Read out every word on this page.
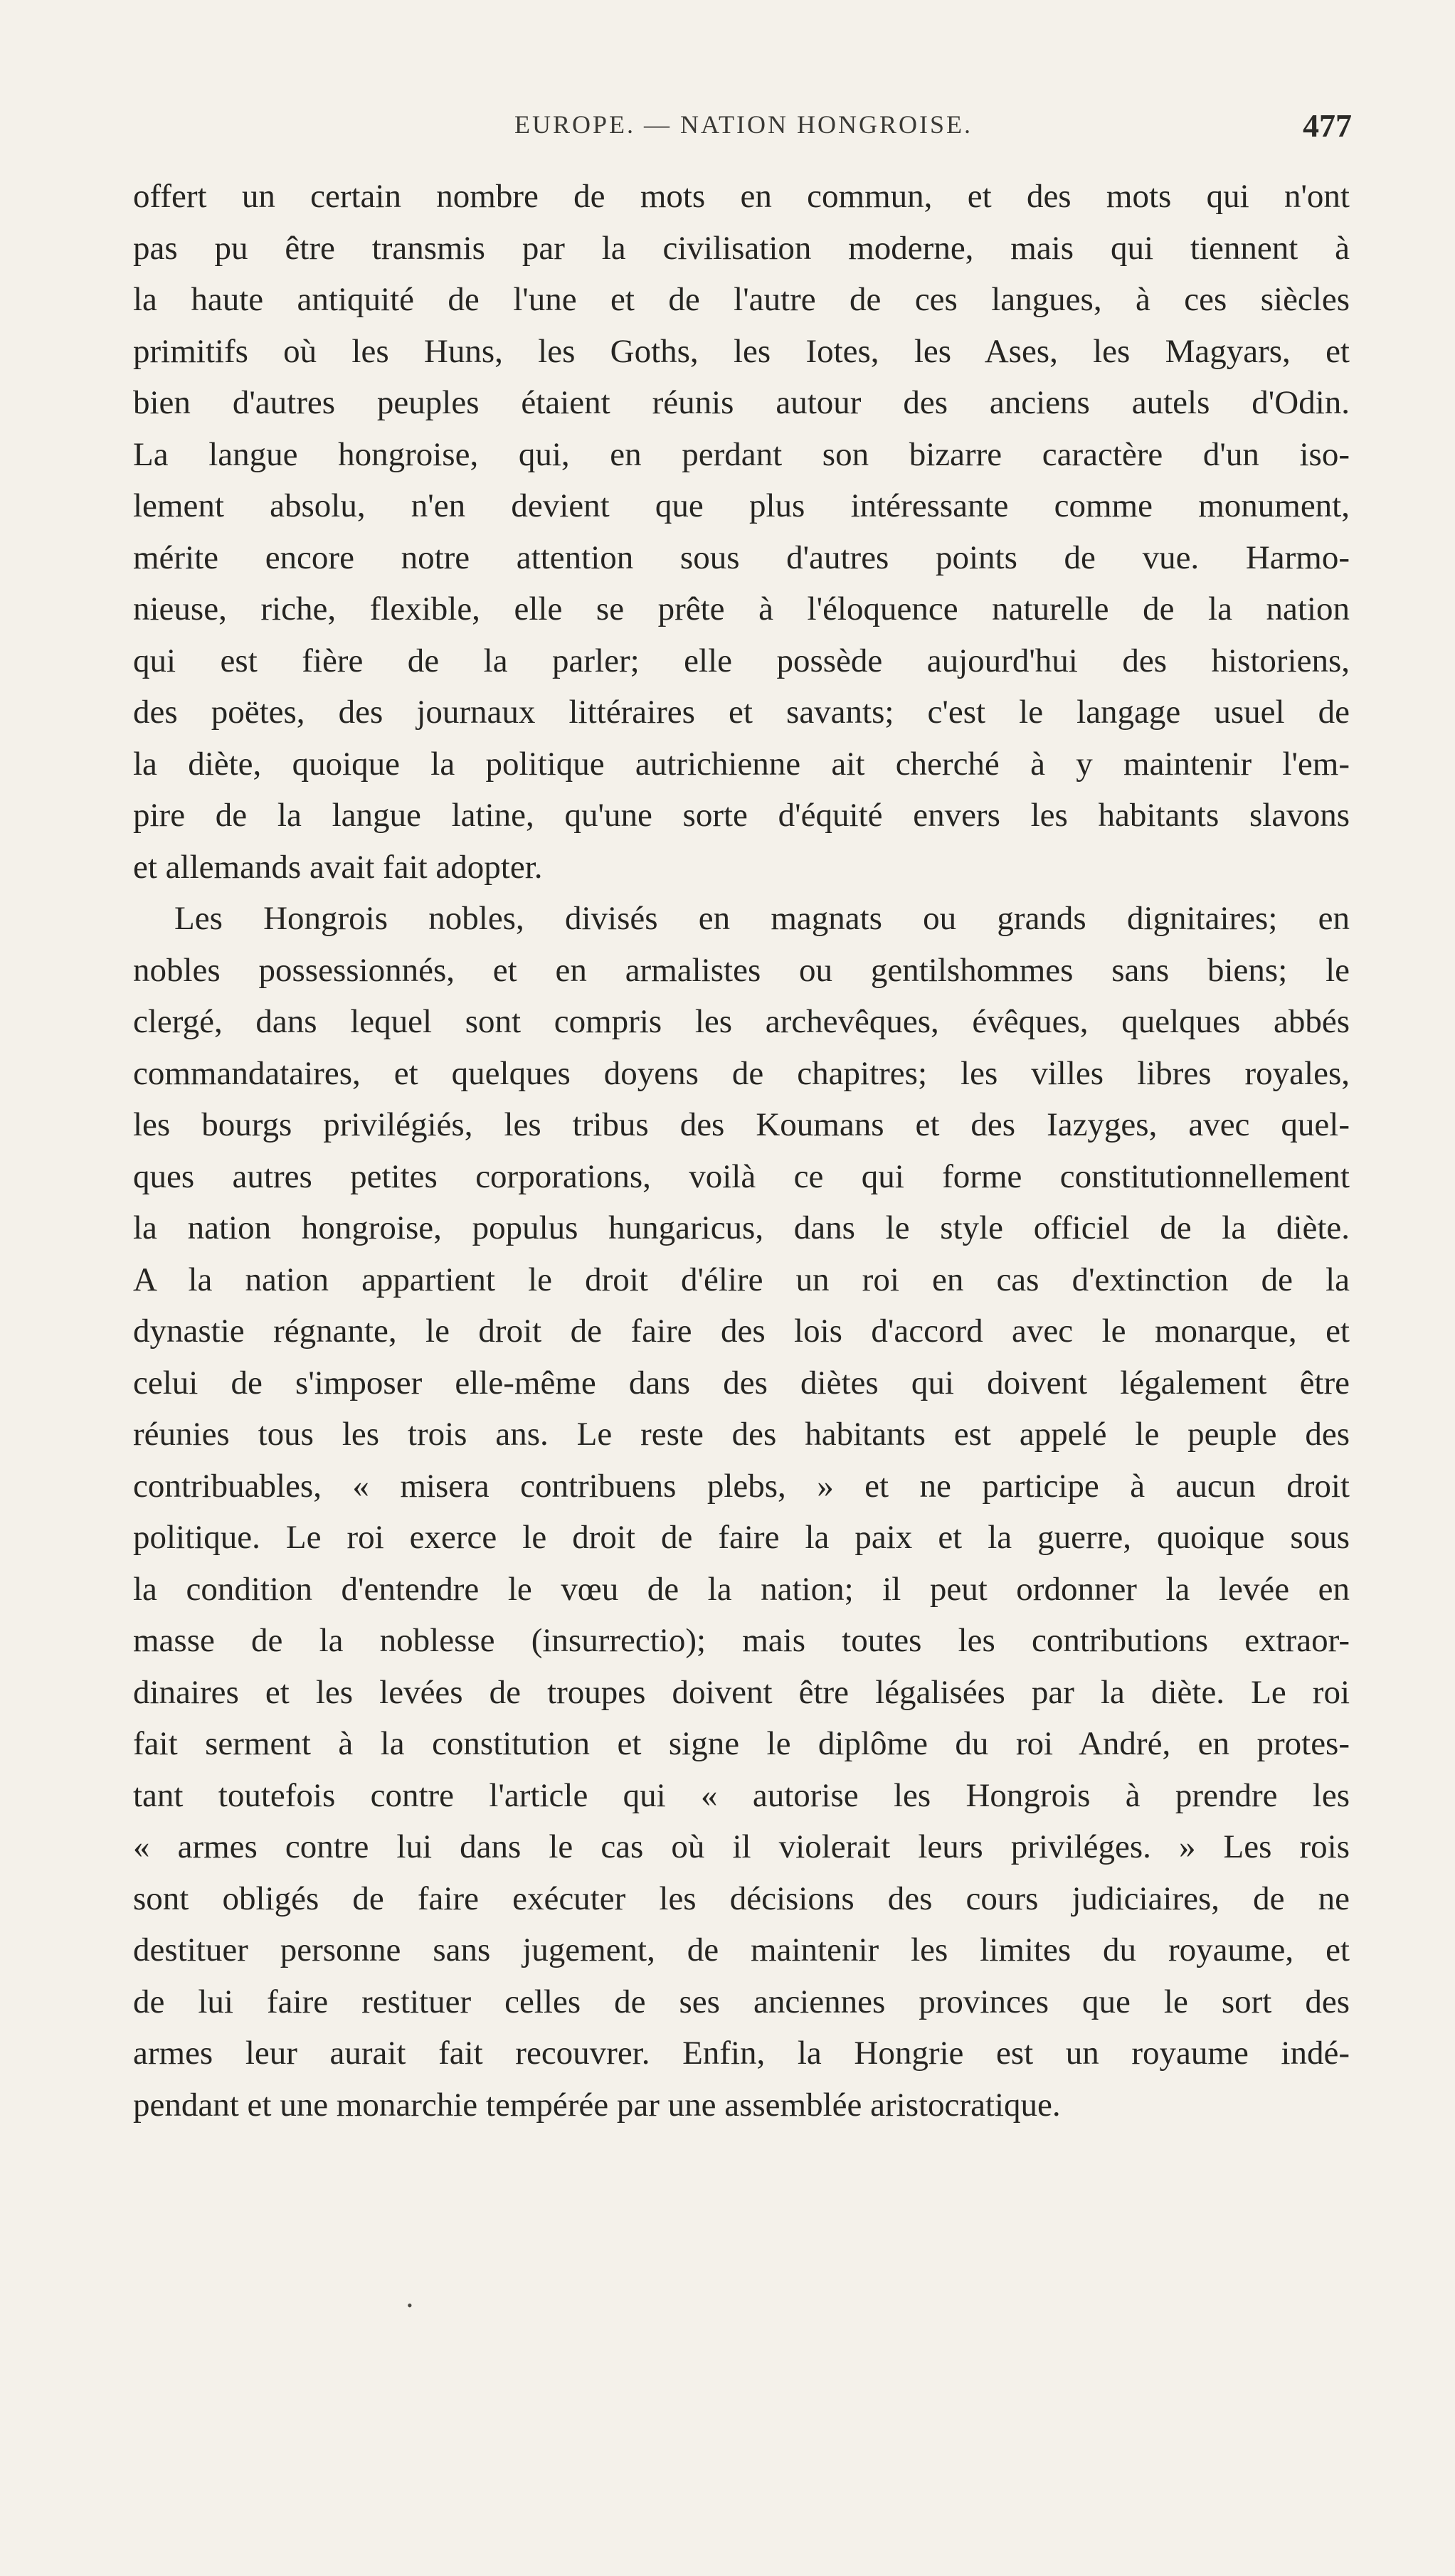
EUROPE. — NATION HONGROISE.	477
offert un certain nombre de mots en commun, et des mots qui n'ont
pas pu être transmis par la civilisation moderne, mais qui tiennent à
la haute antiquité de l'une et de l'autre de ces langues, à ces siècles
primitifs où les Huns, les Goths, les Iotes, les Ases, les Magyars, et
bien d'autres peuples étaient réunis autour des anciens autels d'Odin.
La langue hongroise, qui, en perdant son bizarre caractère d'un iso-
lement absolu, n'en devient que plus intéressante comme monument,
mérite encore notre attention sous d'autres points de vue. Harmo-
nieuse, riche, flexible, elle se prête à l'éloquence naturelle de la nation
qui est fière de la parler; elle possède aujourd'hui des historiens,
des poëtes, des journaux littéraires et savants; c'est le langage usuel de
la diète, quoique la politique autrichienne ait cherché à y maintenir l'em-
pire de la langue latine, qu'une sorte d'équité envers les habitants slavons
et allemands avait fait adopter.
Les Hongrois nobles, divisés en magnats ou grands dignitaires; en
nobles possessionnés, et en armalistes ou gentilshommes sans biens; le
clergé, dans lequel sont compris les archevêques, évêques, quelques abbés
commandataires, et quelques doyens de chapitres; les villes libres royales,
les bourgs privilégiés, les tribus des Koumans et des Iazyges, avec quel-
ques autres petites corporations, voilà ce qui forme constitutionnellement
la nation hongroise, populus hungaricus, dans le style officiel de la diète.
A la nation appartient le droit d'élire un roi en cas d'extinction de la
dynastie régnante, le droit de faire des lois d'accord avec le monarque, et
celui de s'imposer elle-même dans des diètes qui doivent légalement être
réunies tous les trois ans. Le reste des habitants est appelé le peuple des
contribuables, « misera contribuens plebs, » et ne participe à aucun droit
politique. Le roi exerce le droit de faire la paix et la guerre, quoique sous
la condition d'entendre le vœu de la nation; il peut ordonner la levée en
masse de la noblesse (insurrectio); mais toutes les contributions extraor-
dinaires et les levées de troupes doivent être légalisées par la diète. Le roi
fait serment à la constitution et signe le diplôme du roi André, en protes-
tant toutefois contre l'article qui « autorise les Hongrois à prendre les
« armes contre lui dans le cas où il violerait leurs priviléges. » Les rois
sont obligés de faire exécuter les décisions des cours judiciaires, de ne
destituer personne sans jugement, de maintenir les limites du royaume, et
de lui faire restituer celles de ses anciennes provinces que le sort des
armes leur aurait fait recouvrer. Enfin, la Hongrie est un royaume indé-
pendant et une monarchie tempérée par une assemblée aristocratique.
•
